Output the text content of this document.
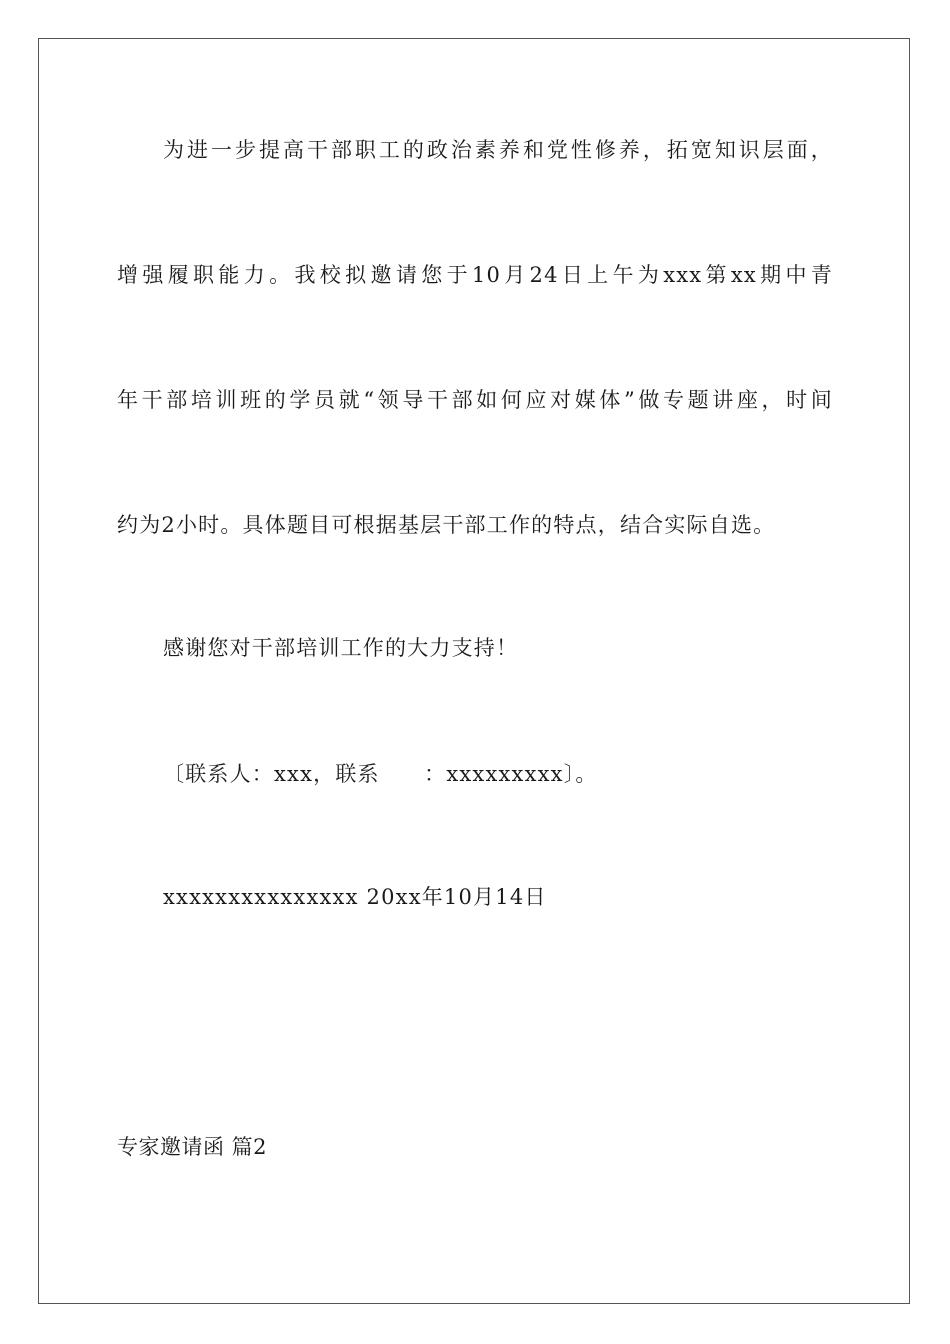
为进一步提高干部职工的政治素养和党性修养，拓宽知识层面，
增强履职能力。我校拟邀请您于10月24日上午为xxx第xx期中青
年干部培训班的学员就“领导干部如何应对媒体”做专题讲座，时间
约为2小时。具体题目可根据基层干部工作的特点，结合实际自选。
感谢您对干部培训工作的大力支持！
〔联系人：xxx，联系　　：xxxxxxxxx〕。
xxxxxxxxxxxxxxx 20xx年10月14日
专家邀请函 篇2
